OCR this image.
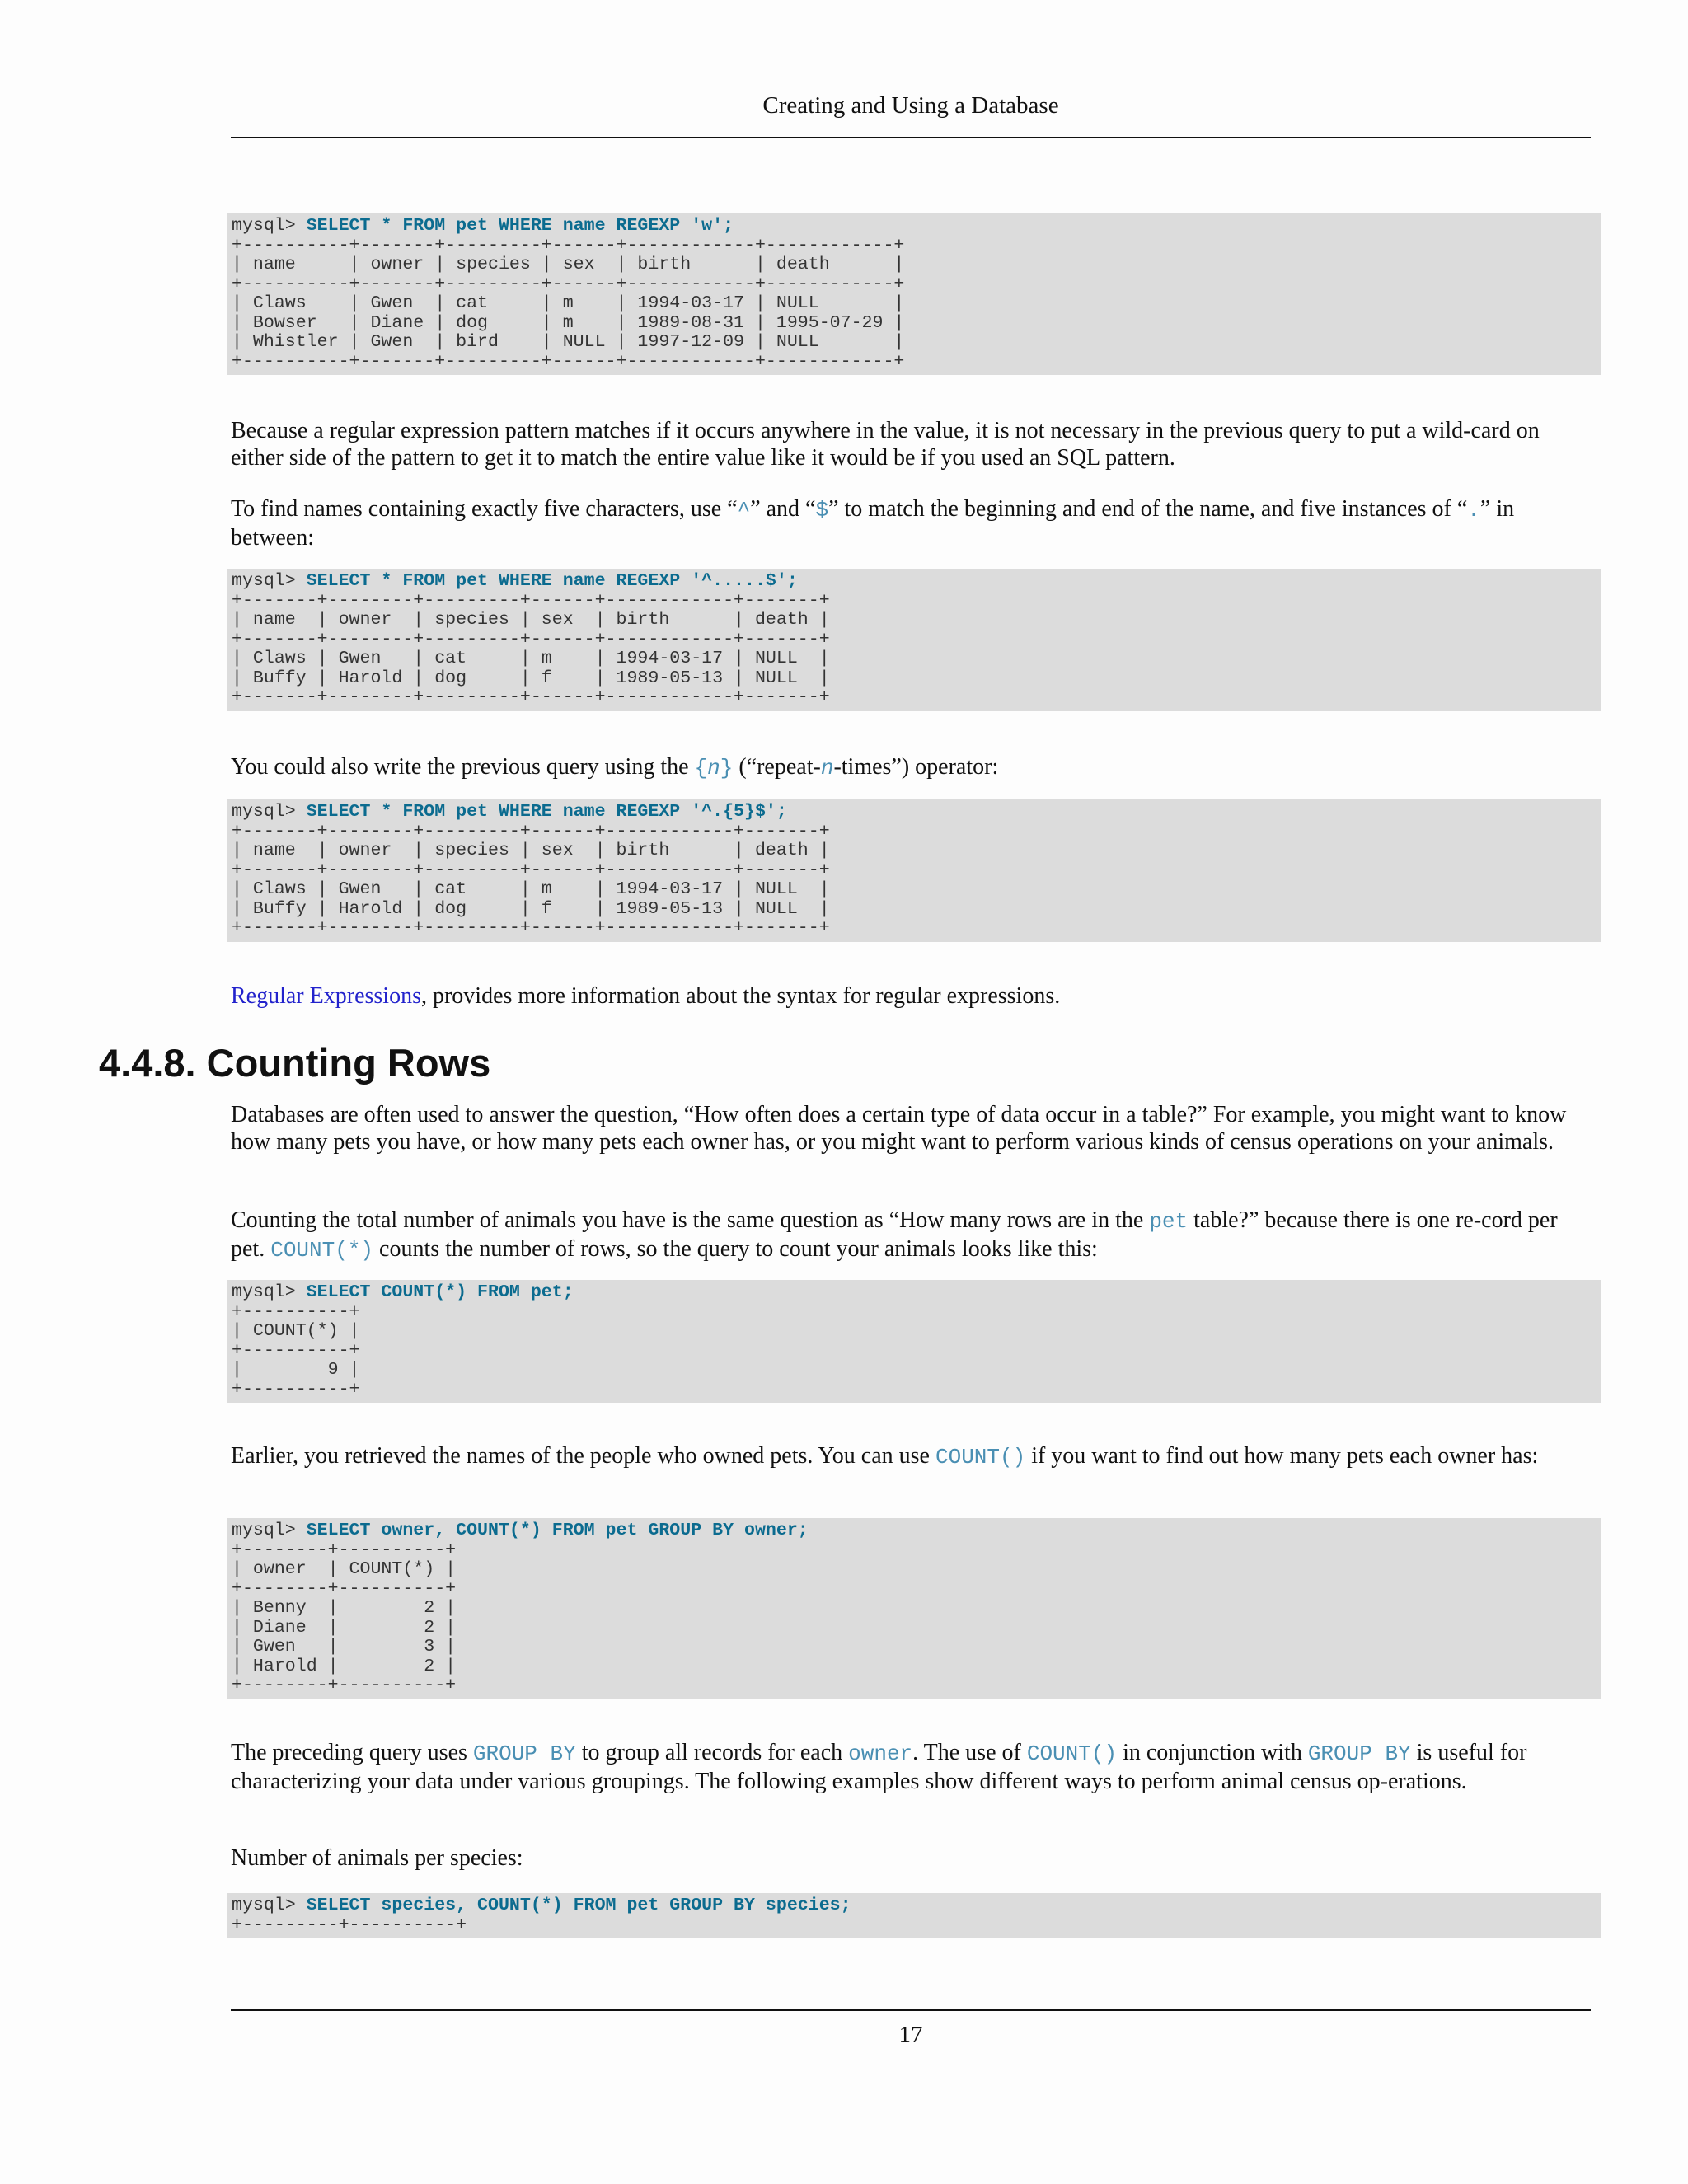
Creating and Using a Database
mysql> SELECT * FROM pet WHERE name REGEXP 'w';
+----------+-------+---------+------+------------+------------+
| name     | owner | species | sex  | birth      | death      |
+----------+-------+---------+------+------------+------------+
| Claws    | Gwen  | cat     | m    | 1994-03-17 | NULL       |
| Bowser   | Diane | dog     | m    | 1989-08-31 | 1995-07-29 |
| Whistler | Gwen  | bird    | NULL | 1997-12-09 | NULL       |
+----------+-------+---------+------+------------+------------+

Because a regular expression pattern matches if it occurs anywhere in the value, it is not necessary in the previous query to put a wild-card on either side of the pattern to get it to match the entire value like it would be if you used an SQL pattern.

To find names containing exactly five characters, use “^” and “$” to match the beginning and end of the name, and five instances of “.” in between:

mysql> SELECT * FROM pet WHERE name REGEXP '^.....$';
+-------+--------+---------+------+------------+-------+
| name  | owner  | species | sex  | birth      | death |
+-------+--------+---------+------+------------+-------+
| Claws | Gwen   | cat     | m    | 1994-03-17 | NULL  |
| Buffy | Harold | dog     | f    | 1989-05-13 | NULL  |
+-------+--------+---------+------+------------+-------+

You could also write the previous query using the {n} (“repeat-n-times”) operator:

mysql> SELECT * FROM pet WHERE name REGEXP '^.{5}$';
+-------+--------+---------+------+------------+-------+
| name  | owner  | species | sex  | birth      | death |
+-------+--------+---------+------+------------+-------+
| Claws | Gwen   | cat     | m    | 1994-03-17 | NULL  |
| Buffy | Harold | dog     | f    | 1989-05-13 | NULL  |
+-------+--------+---------+------+------------+-------+

Regular Expressions, provides more information about the syntax for regular expressions.

4.4.8. Counting Rows

Databases are often used to answer the question, “How often does a certain type of data occur in a table?” For example, you might want to know how many pets you have, or how many pets each owner has, or you might want to perform various kinds of census operations on your animals.

Counting the total number of animals you have is the same question as “How many rows are in the pet table?” because there is one re-cord per pet. COUNT(*) counts the number of rows, so the query to count your animals looks like this:

mysql> SELECT COUNT(*) FROM pet;
+----------+
| COUNT(*) |
+----------+
|        9 |
+----------+

Earlier, you retrieved the names of the people who owned pets. You can use COUNT() if you want to find out how many pets each owner has:

mysql> SELECT owner, COUNT(*) FROM pet GROUP BY owner;
+--------+----------+
| owner  | COUNT(*) |
+--------+----------+
| Benny  |        2 |
| Diane  |        2 |
| Gwen   |        3 |
| Harold |        2 |
+--------+----------+

The preceding query uses GROUP BY to group all records for each owner. The use of COUNT() in conjunction with GROUP BY is useful for characterizing your data under various groupings. The following examples show different ways to perform animal census op-erations.

Number of animals per species:

mysql> SELECT species, COUNT(*) FROM pet GROUP BY species;
+---------+----------+
17
